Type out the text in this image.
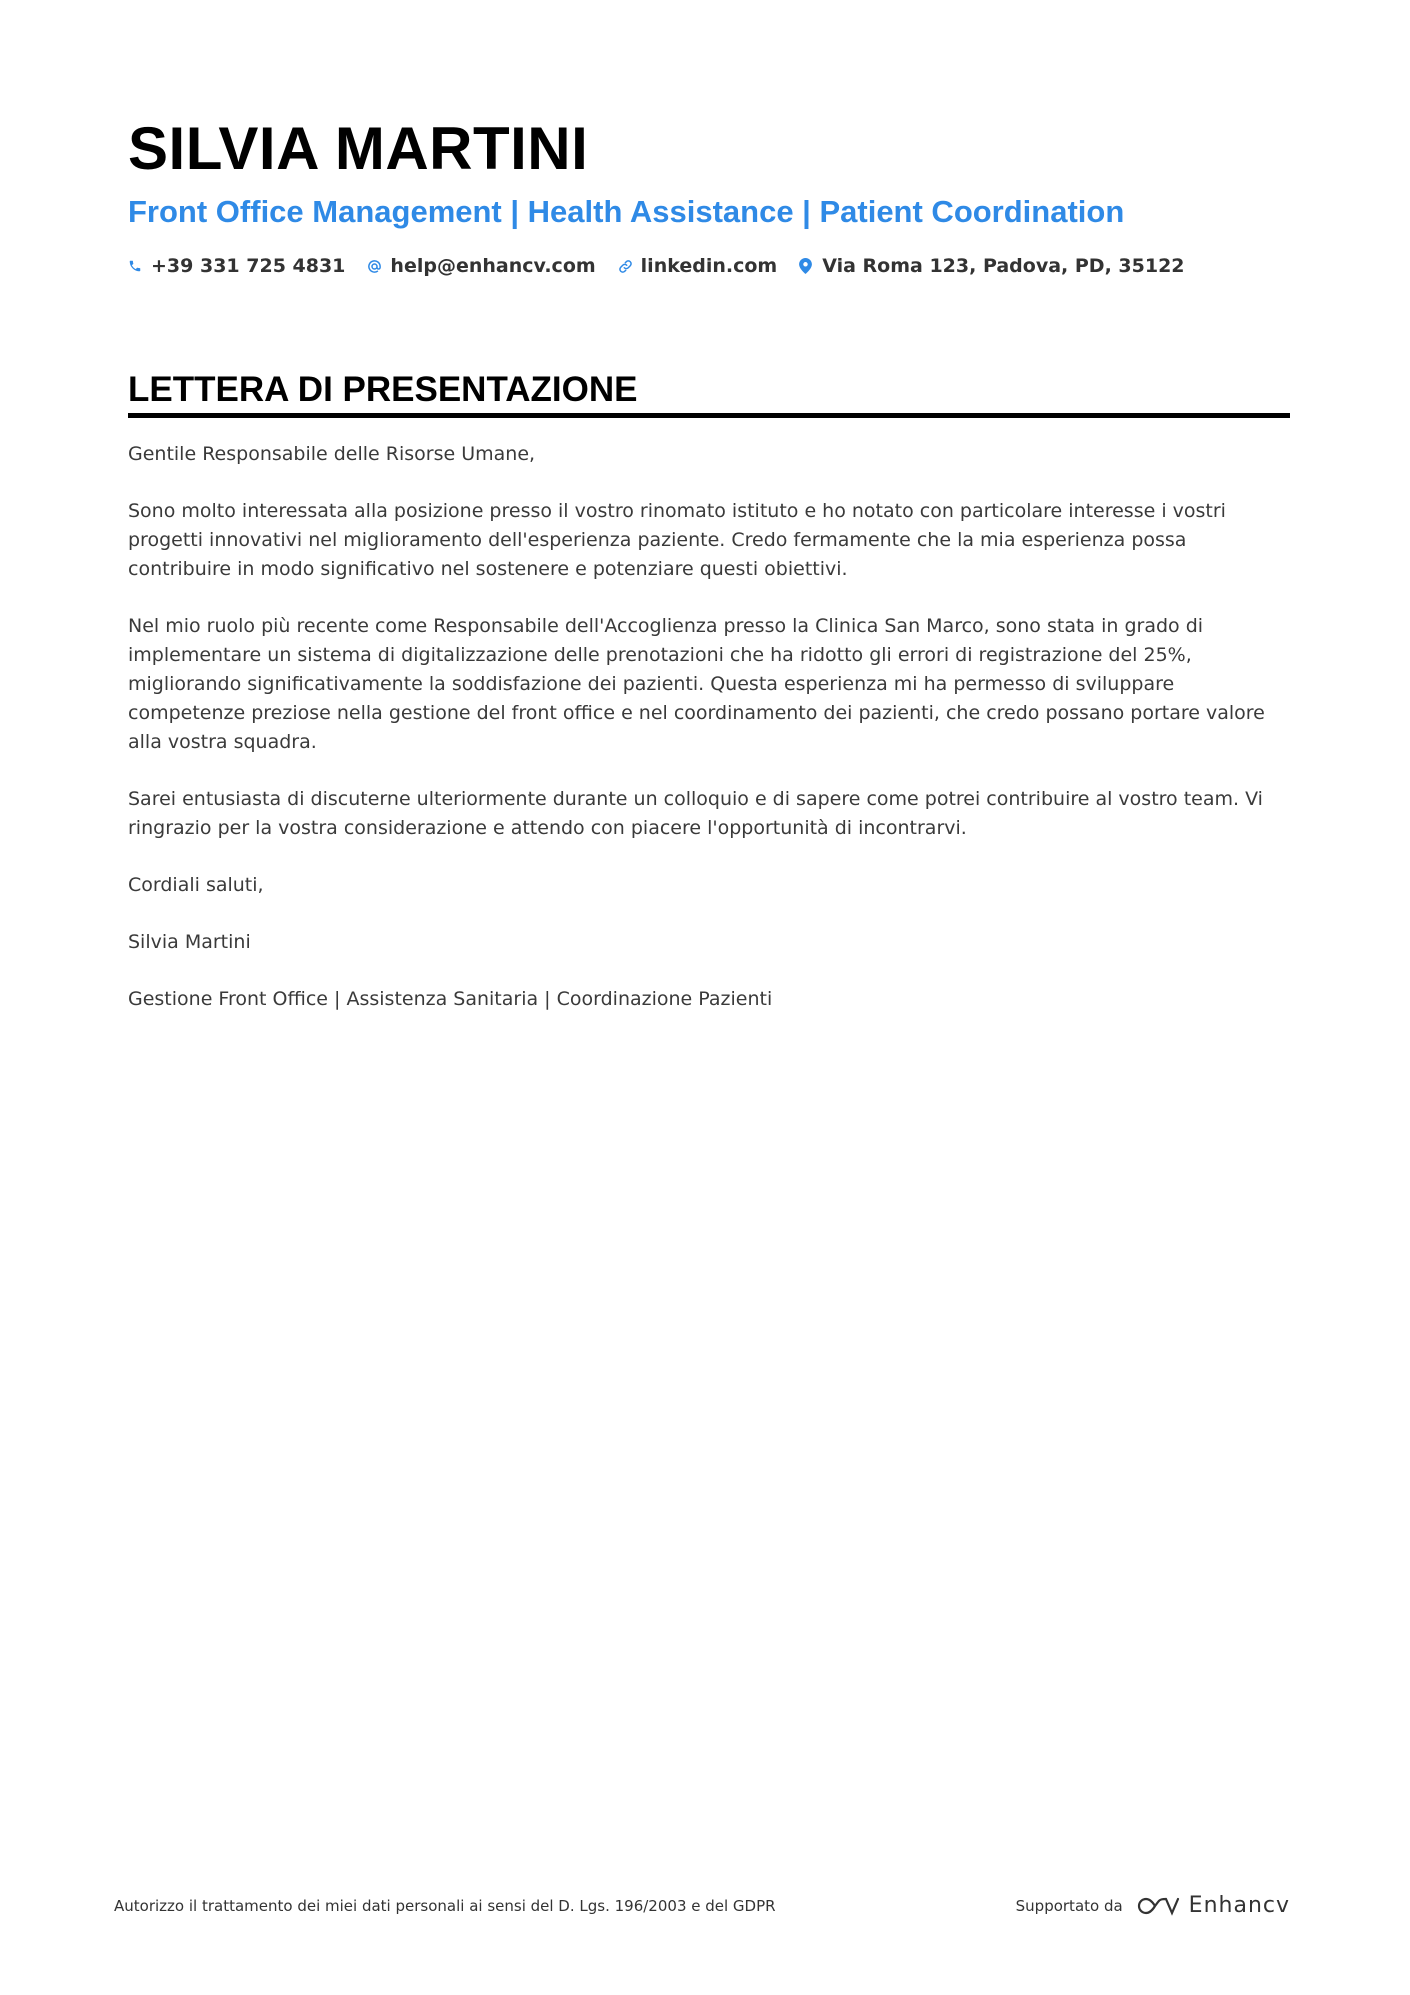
SILVIA MARTINI
Front Office Management | Health Assistance | Patient Coordination
+39 331 725 4831 help@enhancv.com linkedin.com Via Roma 123, Padova, PD, 35122
LETTERA DI PRESENTAZIONE

Gentile Responsabile delle Risorse Umane,

Sono molto interessata alla posizione presso il vostro rinomato istituto e ho notato con particolare interesse i vostri progetti innovativi nel miglioramento dell'esperienza paziente. Credo fermamente che la mia esperienza possa contribuire in modo significativo nel sostenere e potenziare questi obiettivi.

Nel mio ruolo più recente come Responsabile dell'Accoglienza presso la Clinica San Marco, sono stata in grado di implementare un sistema di digitalizzazione delle prenotazioni che ha ridotto gli errori di registrazione del 25%, migliorando significativamente la soddisfazione dei pazienti. Questa esperienza mi ha permesso di sviluppare competenze preziose nella gestione del front office e nel coordinamento dei pazienti, che credo possano portare valore alla vostra squadra.

Sarei entusiasta di discuterne ulteriormente durante un colloquio e di sapere come potrei contribuire al vostro team. Vi ringrazio per la vostra considerazione e attendo con piacere l'opportunità di incontrarvi.

Cordiali saluti,

Silvia Martini

Gestione Front Office | Assistenza Sanitaria | Coordinazione Pazienti

Autorizzo il trattamento dei miei dati personali ai sensi del D. Lgs. 196/2003 e del GDPR	Supportato da	Enhancv
